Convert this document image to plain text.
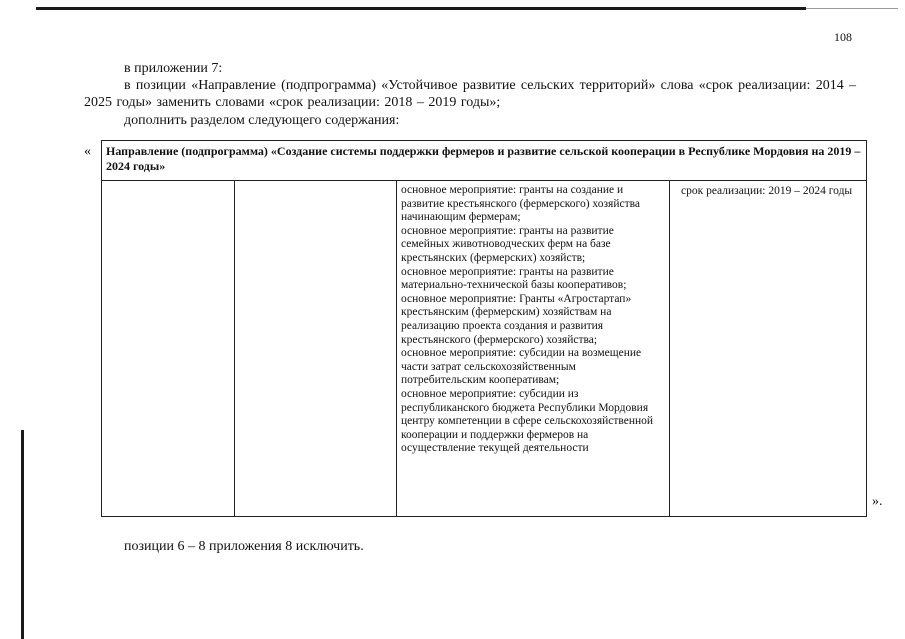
108
в приложении 7:
в позиции «Направление (подпрограмма) «Устойчивое развитие сельских территорий» слова «срок реализации: 2014 – 2025 годы» заменить словами «срок реализации: 2018 – 2019 годы»;
дополнить разделом следующего содержания:
«	Направление (подпрограмма) «Создание системы поддержки фермеров и развитие сельской кооперации в Республике Мордовия на 2019 – 2024 годы»
основное мероприятие: гранты на создание и
развитие крестьянского (фермерского) хозяйства
начинающим фермерам;
основное мероприятие: гранты на развитие
семейных животноводческих ферм на базе
крестьянских (фермерских) хозяйств;
основное мероприятие: гранты на развитие
материально-технической базы кооперативов;
основное мероприятие: Гранты «Агростартап»
крестьянским (фермерским) хозяйствам на
реализацию проекта создания и развития
крестьянского (фермерского) хозяйства;
основное мероприятие: субсидии на возмещение
части затрат сельскохозяйственным
потребительским кооперативам;
основное мероприятие: субсидии из
республиканского бюджета Республики Мордовия
центру компетенции в сфере сельскохозяйственной
кооперации и поддержки фермеров на
осуществление текущей деятельности
срок реализации: 2019 – 2024 годы
».
позиции 6 – 8 приложения 8 исключить.
